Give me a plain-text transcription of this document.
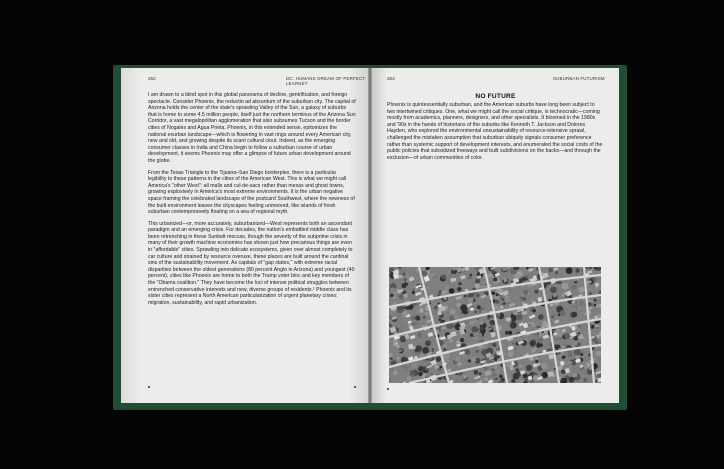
262	DC: HUMANS DREAM OF PERFECT LEARNET

I am drawn to a blind spot in this global panorama of decline, gentrification, and foreign spectacle. Consider Phoenix, the reductio ad absurdum of the suburban city. The capital of Arizona holds the center of the state's sprawling Valley of the Sun, a galaxy of suburbs that is home to some 4.5 million people, itself just the northern terminus of the Arizona Sun Corridor, a vast megalopolitan agglomeration that also subsumes Tucson and the border cities of Nogales and Agua Prieta. Phoenix, in this extended sense, epitomizes the national exurban landscape—which is flowering in vast rings around every American city, new and old, and growing despite its scant cultural clout. Indeed, as the emerging consumer classes in India and China begin to follow a suburban course of urban development, it seems Phoenix may offer a glimpse of future urban development around the globe.

From the Texas Triangle to the Tijuana–San Diego borderplex, there is a particular legibility to these patterns in the cities of the American West. This is what we might call America's "other West": all malls and cul-de-sacs rather than mesas and ghost towns, growing explosively in America's most extreme environments. It is the urban negative space framing the celebrated landscape of the postcard Southwest, where the newness of the built environment leaves the cityscapes feeling unmoored, like islands of fresh suburban contemporaneity floating on a sea of regional myth.

This urbanized—or, more accurately, suburbanized—West represents both an ascendant paradigm and an emerging crisis. For decades, the nation's embattled middle class has been retrenching in these Sunbelt meccas, though the severity of the subprime crisis in many of their growth machine economies has shown just how precarious things are even in "affordable" cities. Sprawling into delicate ecosystems, given over almost completely to car culture and strained by resource overuse, these places are built around the cardinal sins of the sustainability movement. As capitals of "gap states," with extreme racial disparities between the oldest generations (80 percent Anglo in Arizona) and youngest (40 percent), cities like Phoenix are home to both the Trump voter bloc and key members of the "Obama coalition." They have become the loci of intense political struggles between entrenched conservative interests and new, diverse groups of residents.¹ Phoenix and its sister cities represent a North American particularization of urgent planetary crises: migration, sustainability, and rapid urbanization.

263	SUBURBAN FUTURISM
NO FUTURE

Phoenix is quintessentially suburban, and the American suburbs have long been subject to two intertwined critiques. One, what we might call the social critique, is technocratic—coming mostly from academics, planners, designers, and other specialists. It bloomed in the 1980s and '90s in the hands of historians of the suburbs like Kenneth T. Jackson and Dolores Hayden, who explored the environmental unsustainability of resource-intensive sprawl, challenged the mistaken assumption that suburban ubiquity signals consumer preference rather than systemic support of development interests, and enumerated the social costs of the public policies that subsidized freeways and built subdivisions on the backs—and through the exclusion—of urban communities of color.
